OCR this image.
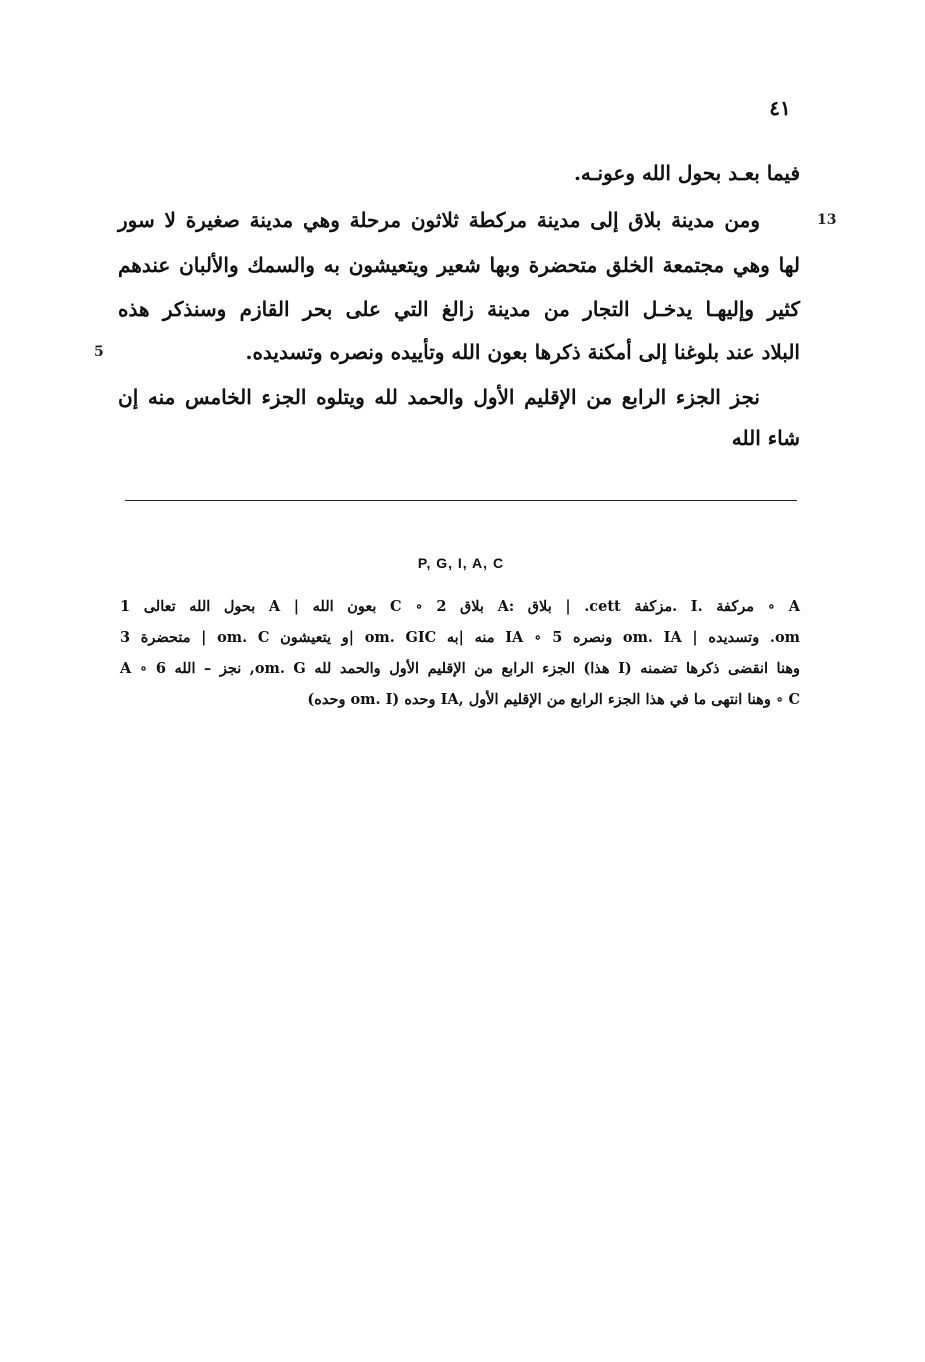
٤١
13
5
فيما بعـد بحول الله وعونـه.
ومن مدينة بلاق إلى مدينة مركطة ثلاثون مرحلة وهي مدينة صغيرة لا سور
لها وهي مجتمعة الخلق متحضرة وبها شعير ويتعيشون به والسمك والألبان عندهم
كثير وإليهـا يدخـل التجار من مدينة زالغ التي على بحر القازم وسنذكر هذه
البلاد عند بلوغنا إلى أمكنة ذكرها بعون الله وتأييده ونصره وتسديده.
نجز الجزء الرابع من الإقليم الأول والحمد لله ويتلوه الجزء الخامس منه إن
شاء الله
P, G, I, A, C
A ∘ مركفة .I .مزكفة cett. | بلاق :A بلاق 2 ∘ C بعون الله | A بحول الله تعالى 1
om. وتسديده | om. IA ونصره 5 ∘ IA منه |به om. GIC |و يتعيشون om. C | متحضرة 3
وهنا انقضى ذكرها تضمنه (I هذا) الجزء الرابع من الإقليم الأول والحمد لله om. G, نجز – الله 6 ∘ A
C ∘ وهنا انتهى ما في هذا الجزء الرابع من الإقليم الأول ,IA وحده (om. I وحده)
